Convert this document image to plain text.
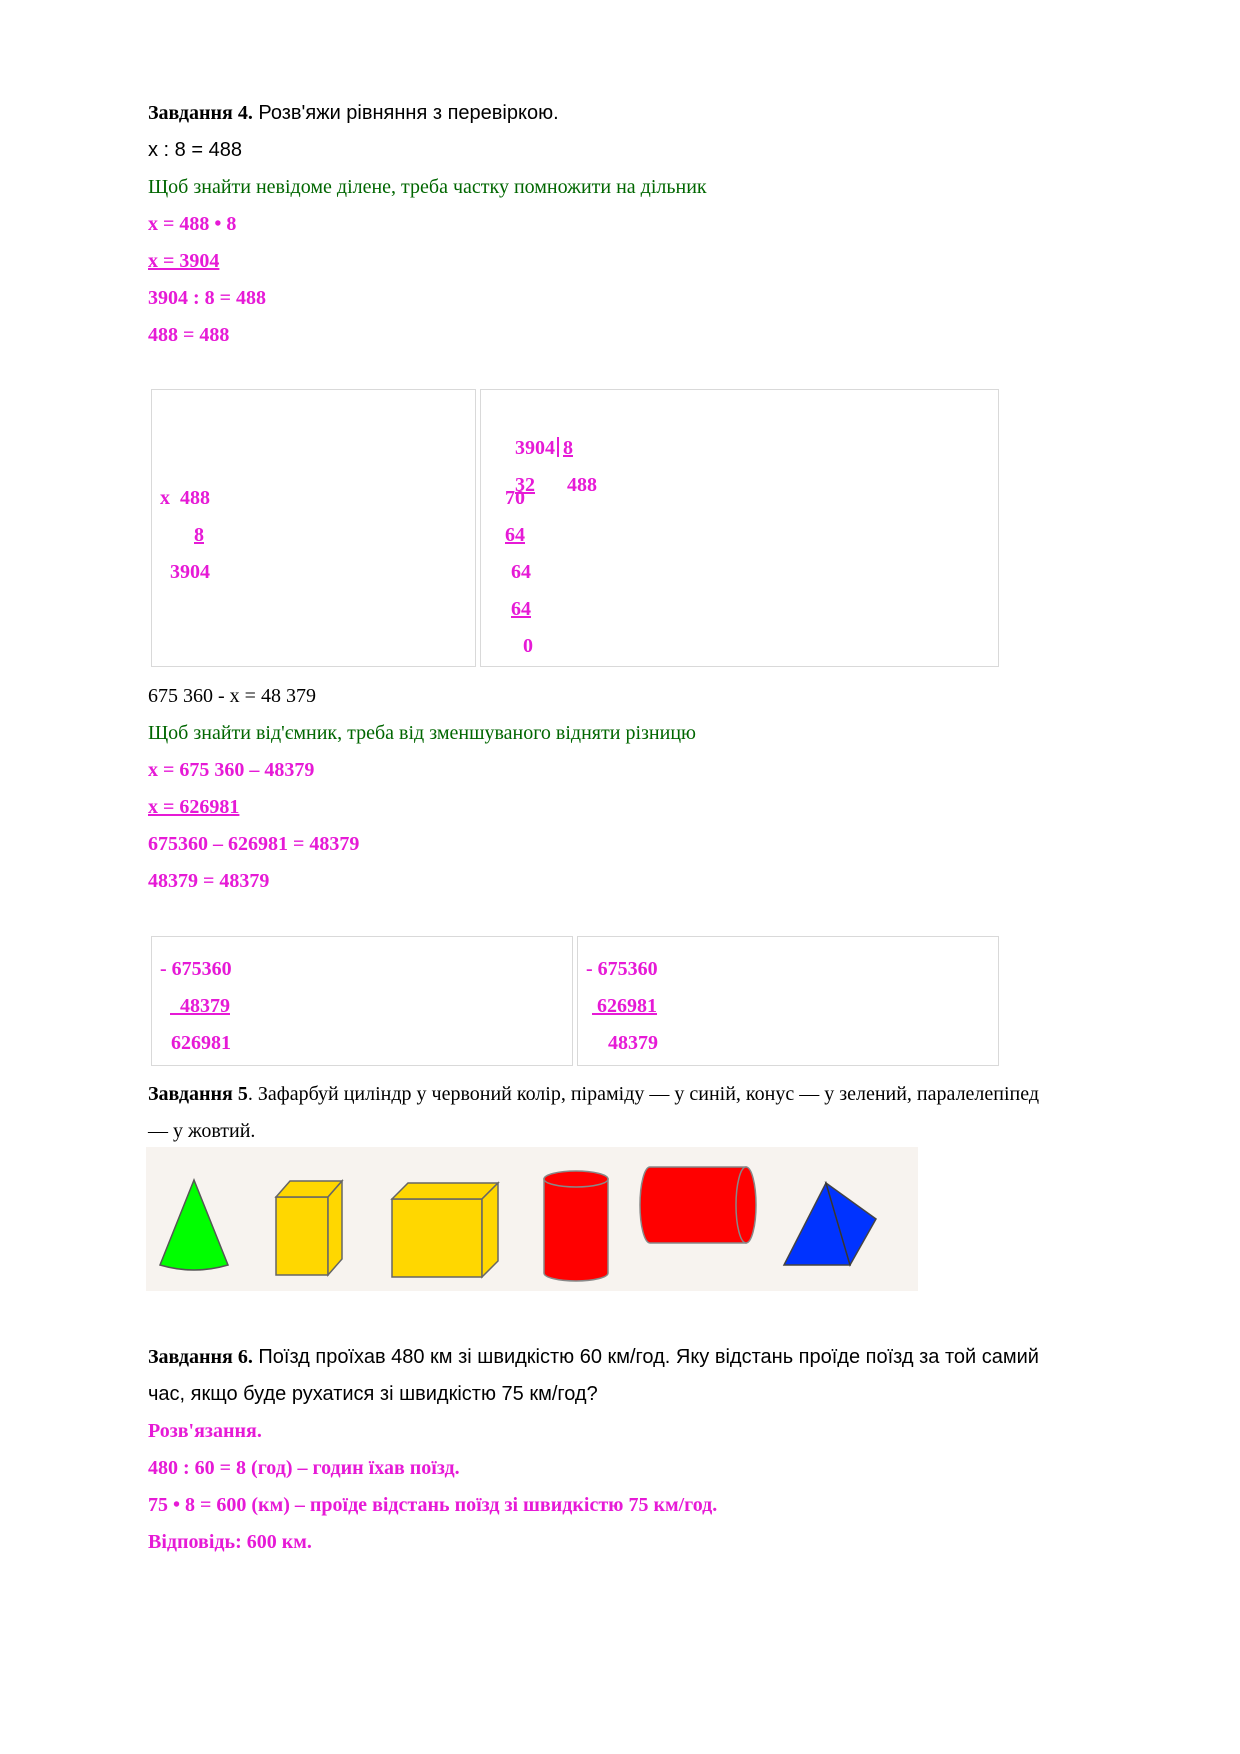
Завдання 4. Розв'яжи рівняння з перевіркою.
x : 8 = 488
Щоб знайти невідоме ділене, треба частку помножити на дільник
x = 488 • 8
x = 3904
3904 : 8 = 488
488 = 488
x  488
8
3904

3904 8

32 488

70
64
64
64
0
675 360 - x = 48 379
Щоб знайти від'ємник, треба від зменшуваного відняти різницю
x = 675 360 – 48379
x = 626981
675360 – 626981 = 48379
48379 = 48379
- 675360
48379
626981
- 675360
626981
48379
Завдання 5. Зафарбуй циліндр у червоний колір, піраміду — у синій, конус — у зелений, паралелепіпед
— у жовтий.
Завдання 6. Поїзд проїхав 480 км зі швидкістю 60 км/год. Яку відстань проїде поїзд за той самий
час, якщо буде рухатися зі швидкістю 75 км/год?
Розв'язання.
480 : 60 = 8 (год) – годин їхав поїзд.
75 • 8 = 600 (км) – проїде відстань поїзд зі швидкістю 75 км/год.
Відповідь: 600 км.
